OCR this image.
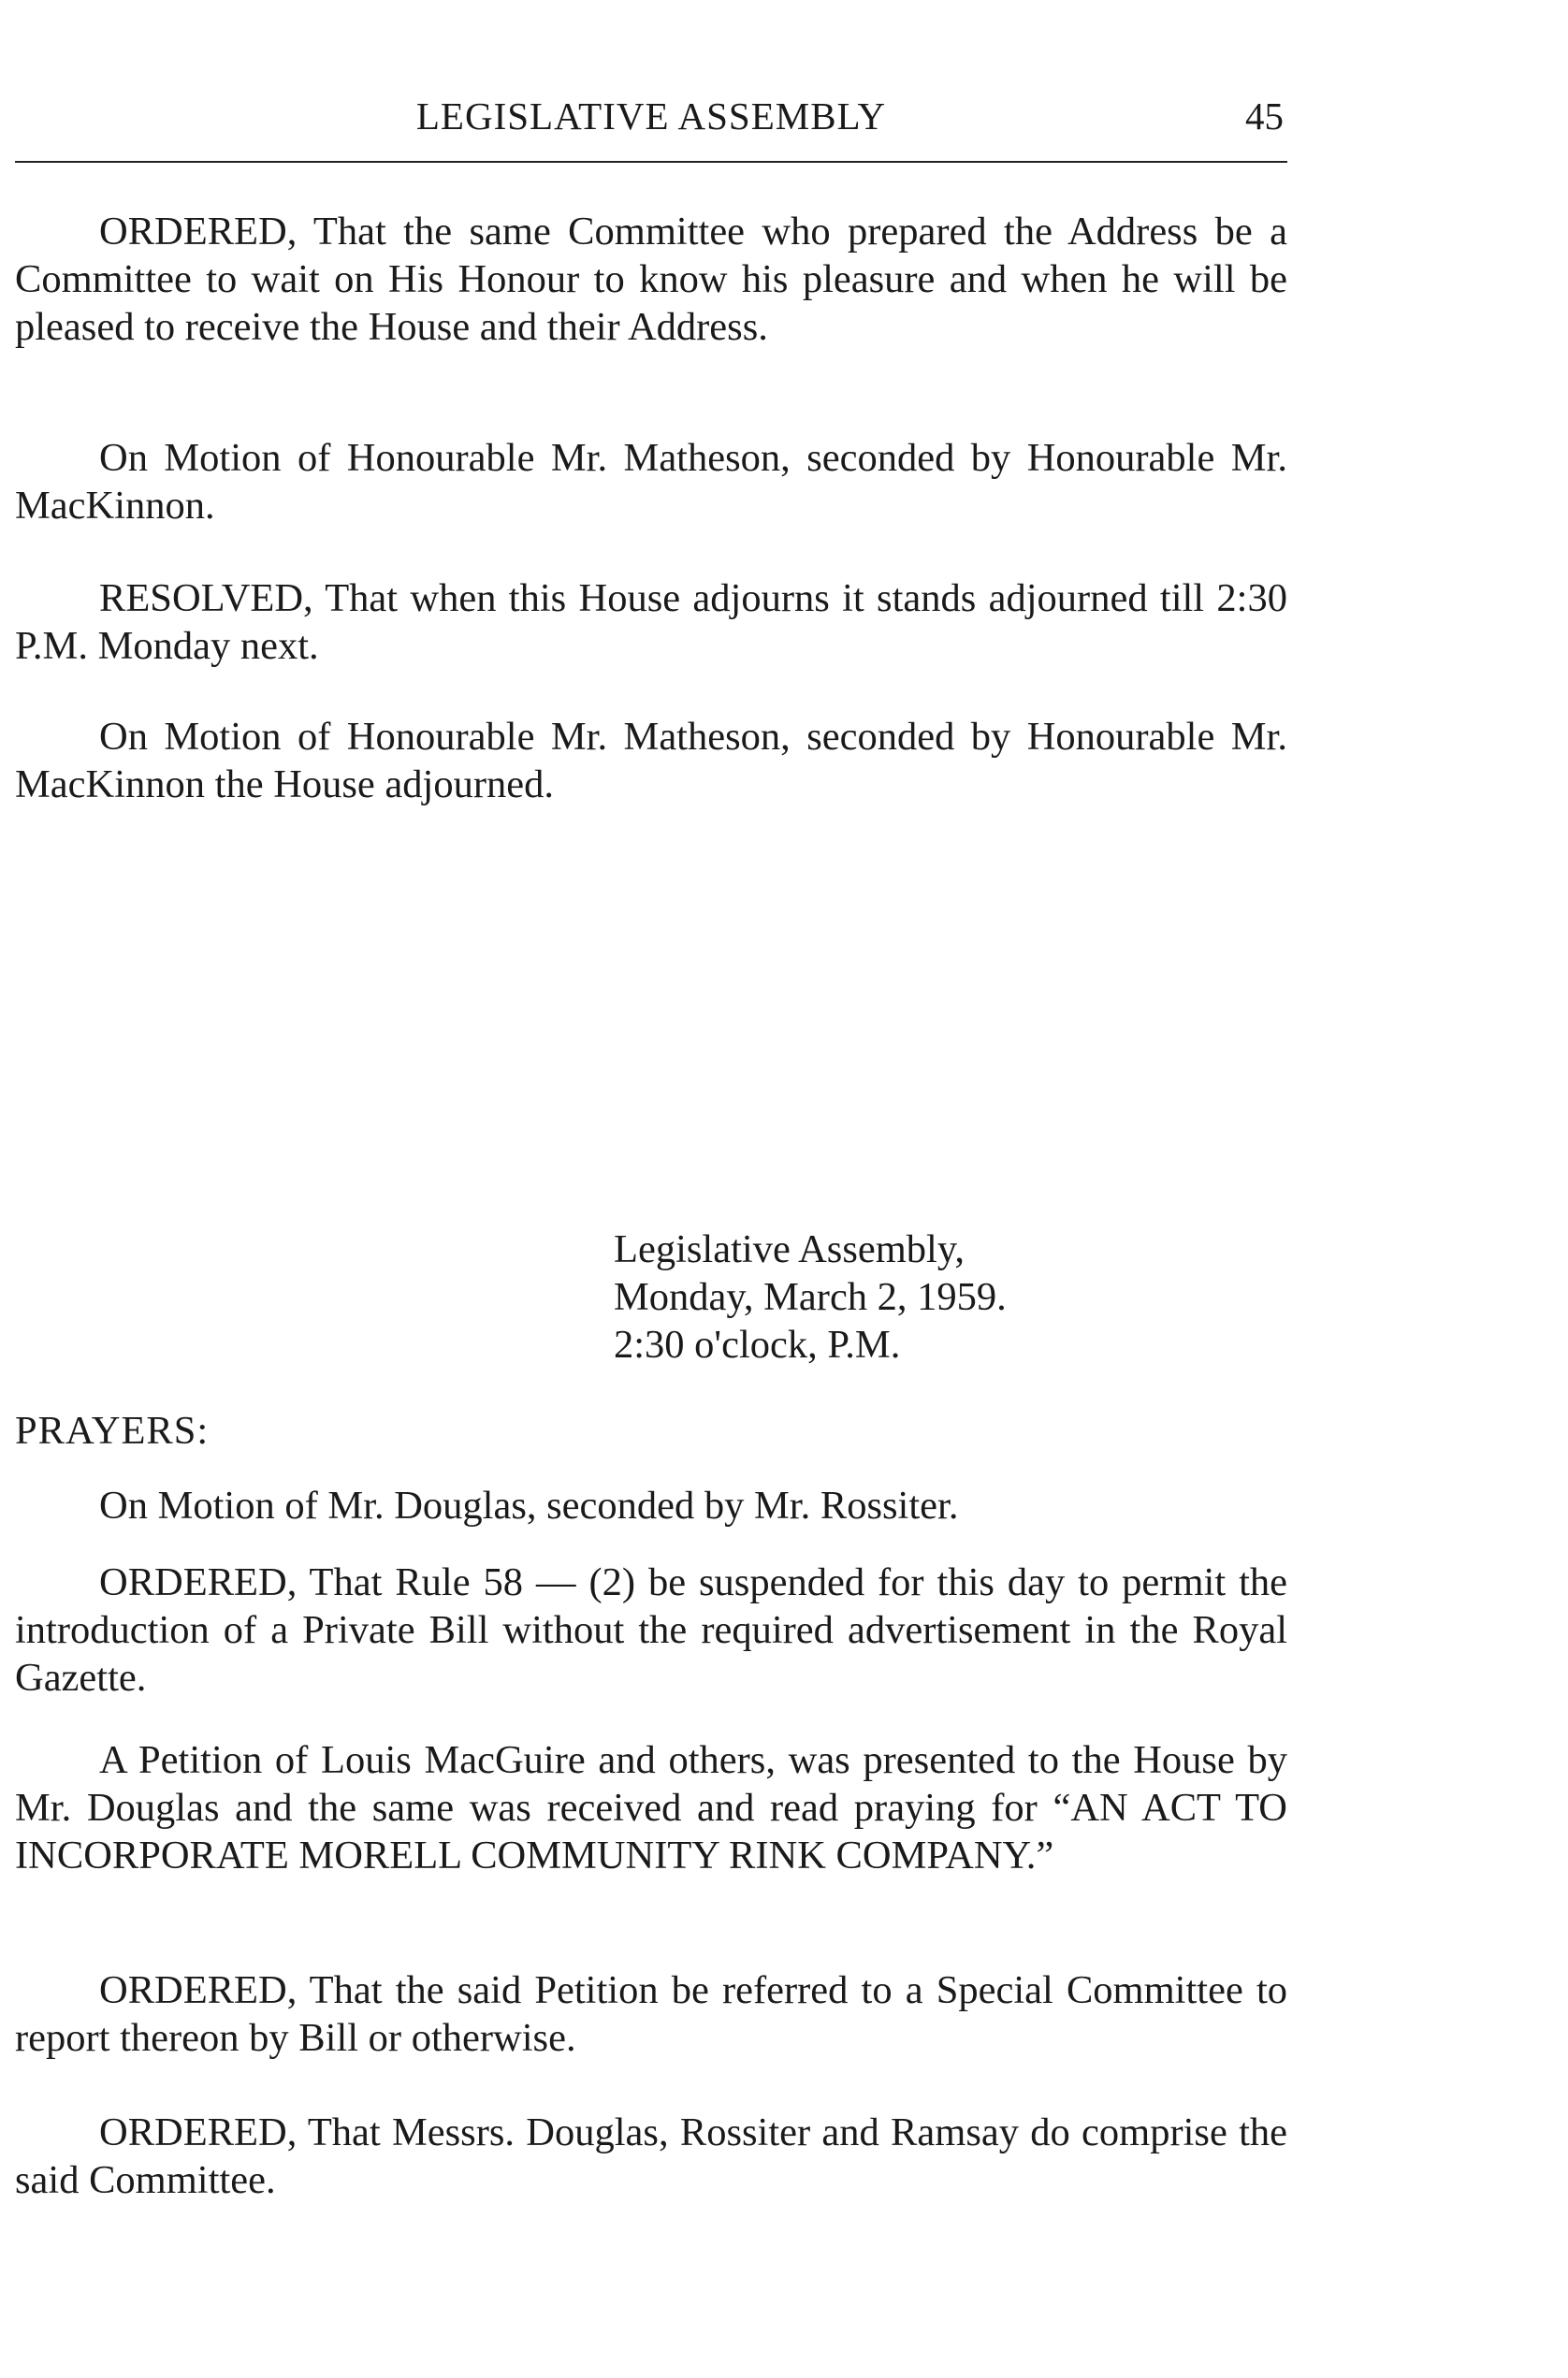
LEGISLATIVE ASSEMBLY	45

ORDERED, That the same Committee who prepared the Address be a Committee to wait on His Honour to know his pleasure and when he will be pleased to receive the House and their Address.

On Motion of Honourable Mr. Matheson, seconded by Honourable Mr. MacKinnon.

RESOLVED, That when this House adjourns it stands adjourned till 2:30 P.M. Monday next.

On Motion of Honourable Mr. Matheson, seconded by Honourable Mr. MacKinnon the House adjourned.

Legislative Assembly,
Monday, March 2, 1959.
2:30 o'clock, P.M.

PRAYERS:

On Motion of Mr. Douglas, seconded by Mr. Rossiter.

ORDERED, That Rule 58 — (2) be suspended for this day to permit the introduction of a Private Bill without the required advertisement in the Royal Gazette.

A Petition of Louis MacGuire and others, was presented to the House by Mr. Douglas and the same was received and read praying for “AN ACT TO INCORPORATE MORELL COMMUNITY RINK COMPANY.”

ORDERED, That the said Petition be referred to a Special Committee to report thereon by Bill or otherwise.

ORDERED, That Messrs. Douglas, Rossiter and Ramsay do comprise the said Committee.
